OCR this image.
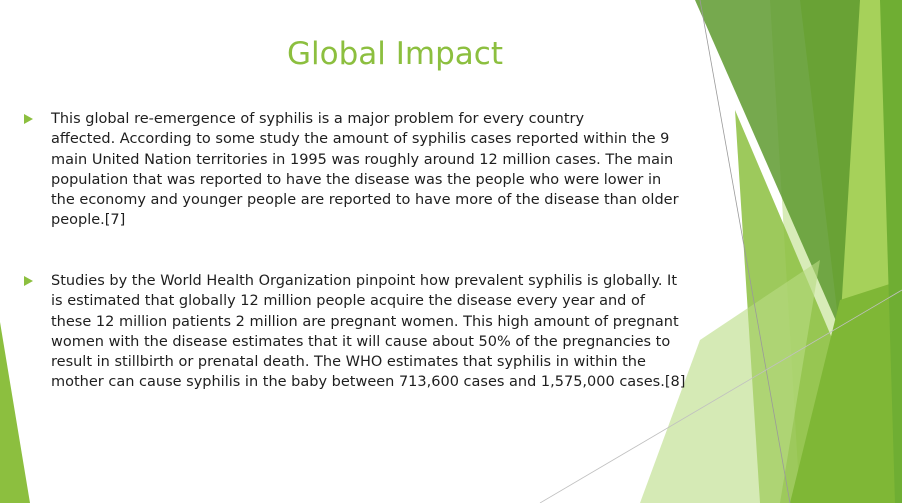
Global Impact
This global re-emergence of syphilis is a major problem for every country
affected. According to some study the amount of syphilis cases reported within the 9
main United Nation territories in 1995 was roughly around 12 million cases. The main
population that was reported to have the disease was the people who were lower in
the economy and younger people are reported to have more of the disease than older
people.[7]
Studies by the World Health Organization pinpoint how prevalent syphilis is globally. It
is estimated that globally 12 million people acquire the disease every year and of
these 12 million patients 2 million are pregnant women. This high amount of pregnant
women with the disease estimates that it will cause about 50% of the pregnancies to
result in stillbirth or prenatal death. The WHO estimates that syphilis in within the
mother can cause syphilis in the baby between 713,600 cases and 1,575,000 cases.[8]
